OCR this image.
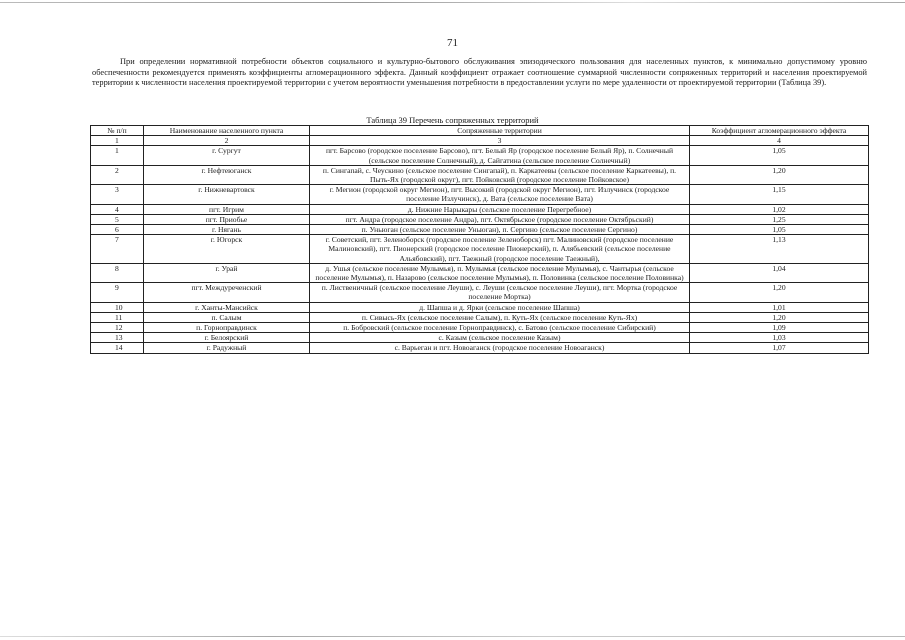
71
При определении нормативной потребности объектов социального и культурно-бытового обслуживания эпизодического пользования для населенных пунктов, к минимально допустимому уровню обеспеченности рекомендуется применять коэффициенты агломерационного эффекта. Данный коэффициент отражает соотношение суммарной численности сопряженных территорий и населения проектируемой территории к численности населения проектируемой территории с учетом вероятности уменьшения потребности в предоставлении услуги по мере удаленности от проектируемой территории (Таблица 39).
Таблица 39 Перечень сопряженных территорий
№ п/п	Наименование населенного пункта	Сопряженные территории	Коэффициент агломерационного эффекта
1	2	3	4
1	г. Сургут	пгт. Барсово (городское поселение Барсово), пгт. Белый Яр (городское поселение Белый Яр), п. Солнечный (сельское поселение Солнечный), д. Сайгатина (сельское поселение Солнечный)	1,05
2	г. Нефтеюганск	п. Сингапай, с. Чеускино (сельское поселение Сингапай), п. Каркатеевы (сельское поселение Каркатеевы), п. Пыть-Ях (городской округ), пгт. Пойковский (городское поселение Пойковское)	1,20
3	г. Нижневартовск	г. Мегион (городской округ Мегион), пгт. Высокий (городской округ Мегион), пгт. Излучинск (городское поселение Излучинск), д. Вата (сельское поселение Вата)	1,15
4	пгт. Игрим	д. Нижние Нарыкары (сельское поселение Перегребное)	1,02
5	пгт. Приобье	пгт. Андра (городское поселение Андра), пгт. Октябрьское (городское поселение Октябрьский)	1,25
6	г. Нягань	п. Уньюган (сельское поселение Уньюган), п. Сергино (сельское поселение Сергино)	1,05
7	г. Югорск	г. Советский, пгт. Зеленоборск (городское поселение Зеленоборск) пгт. Малиновский (городское поселение Малиновский), пгт. Пионерский (городское поселение Пионерский), п. Алябьевский (сельское поселение Альябовский), пгт. Таежный (городское поселение Таежный),	1,13
8	г. Урай	д. Ушья (сельское поселение Мулымья), п. Мулымья (сельское поселение Мулымья), с. Чантырья (сельское поселение Мулымья), п. Назарово (сельское поселение Мулымья), п. Половинка (сельское поселение Половинка)	1,04
9	пгт. Междуреченский	п. Лиственичный (сельское поселение Леуши), с. Леуши (сельское поселение Леуши), пгт. Мортка (городское поселение Мортка)	1,20
10	г. Ханты-Мансийск	д. Шапша и д. Ярки (сельское поселение Шапша)	1,01
11	п. Салым	п. Сивысь-Ях (сельское поселение Салым), п. Куть-Ях (сельское поселение Куть-Ях)	1,20
12	п. Горноправдинск	п. Бобровский (сельское поселение Горноправдинск), с. Батово (сельское поселение Сибирский)	1,09
13	г. Белоярский	с. Казым (сельское поселение Казым)	1,03
14	г. Радужный	с. Варьеган и пгт. Новоаганск (городское поселение Новоаганск)	1,07
